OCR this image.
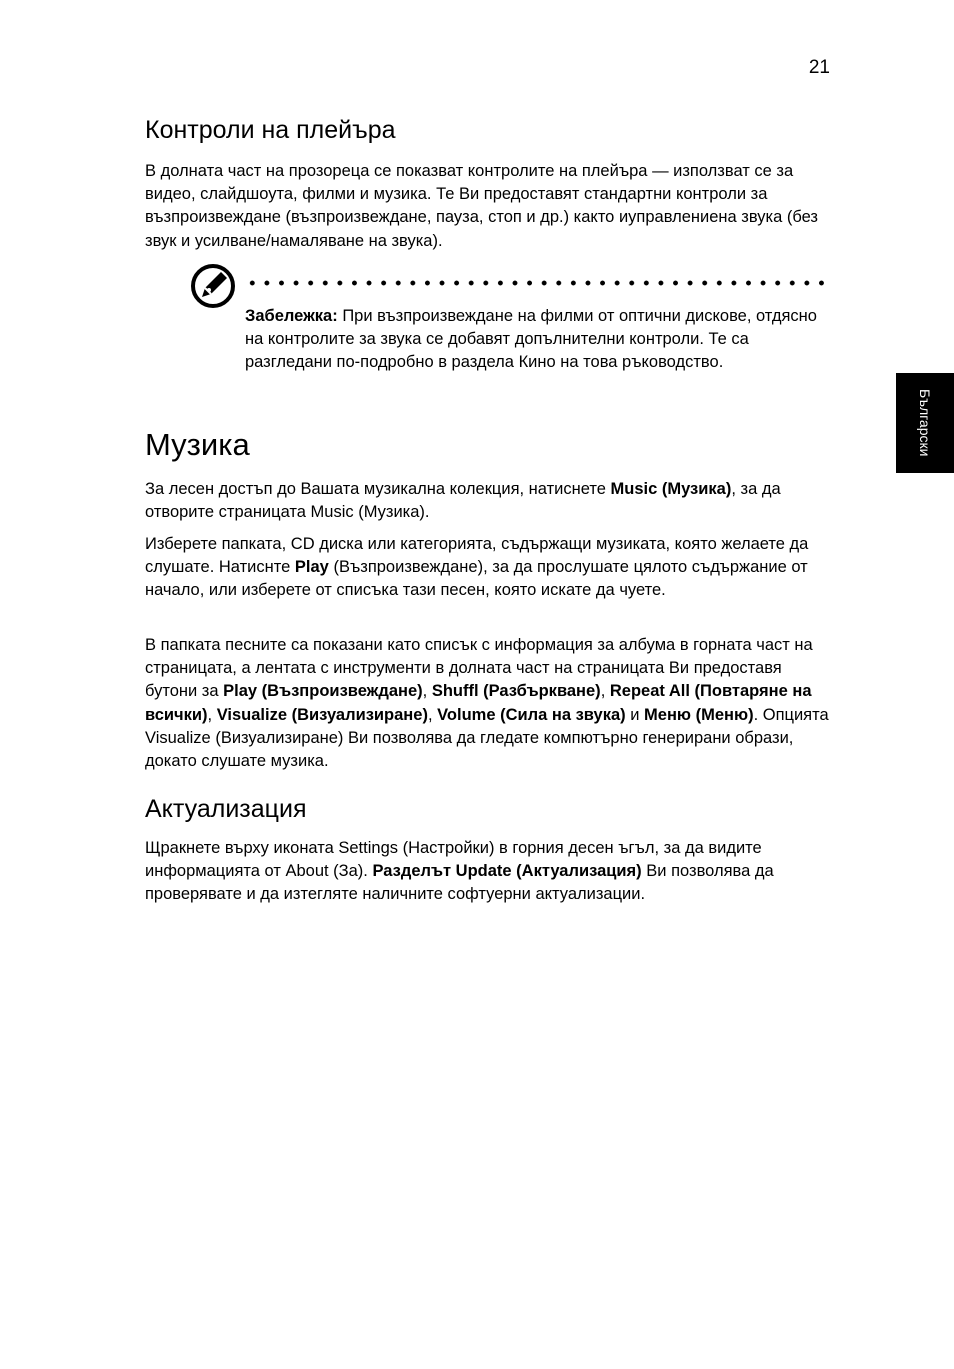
21
Български
Контроли на плейъра

В долната част на прозореца се показват контролите на плейъра — използват се за видео, слайдшоута, филми и музика. Те Ви предоставят стандартни контроли за възпроизвеждане (възпроизвеждане, пауза, стоп и др.) както иуправлениена звука (без звук и усилване/намаляване на звука).

Музика

За лесен достъп до Вашата музикална колекция, натиснете Music (Музика), за да отворите страницата Music (Музика).

Изберете папката, CD диска или категорията, съдържащи музиката, която желаете да слушате. Натиснте Play (Възпроизвеждане), за да прослушате цялото съдържание от начало, или изберете от списъка тази песен, която искате да чуете.

В папката песните са показани като списък с информация за албума в горната част на страницата, а лентата с инструменти в долната част на страницата Ви предоставя бутони за Play (Възпроизвеждане), Shuffl (Разбъркване), Repeat All (Повтаряне на всички), Visualize (Визуализиране), Volume (Сила на звука) и Меню (Меню). Опцията Visualize (Визуализиране) Ви позволява да гледате компютърно генерирани образи, докато слушате музика.

Актуализация

Щракнете върху иконата Settings (Настройки) в горния десен ъгъл, за да видите информацията от About (За). Разделът Update (Актуализация) Ви позволява да проверявате и да изтегляте наличните софтуерни актуализации.

Забележка: При възпроизвеждане на филми от оптични дискове, отдясно на контролите за звука се добавят допълнителни контроли. Те са разгледани по-подробно в раздела Кино на това ръководство.
